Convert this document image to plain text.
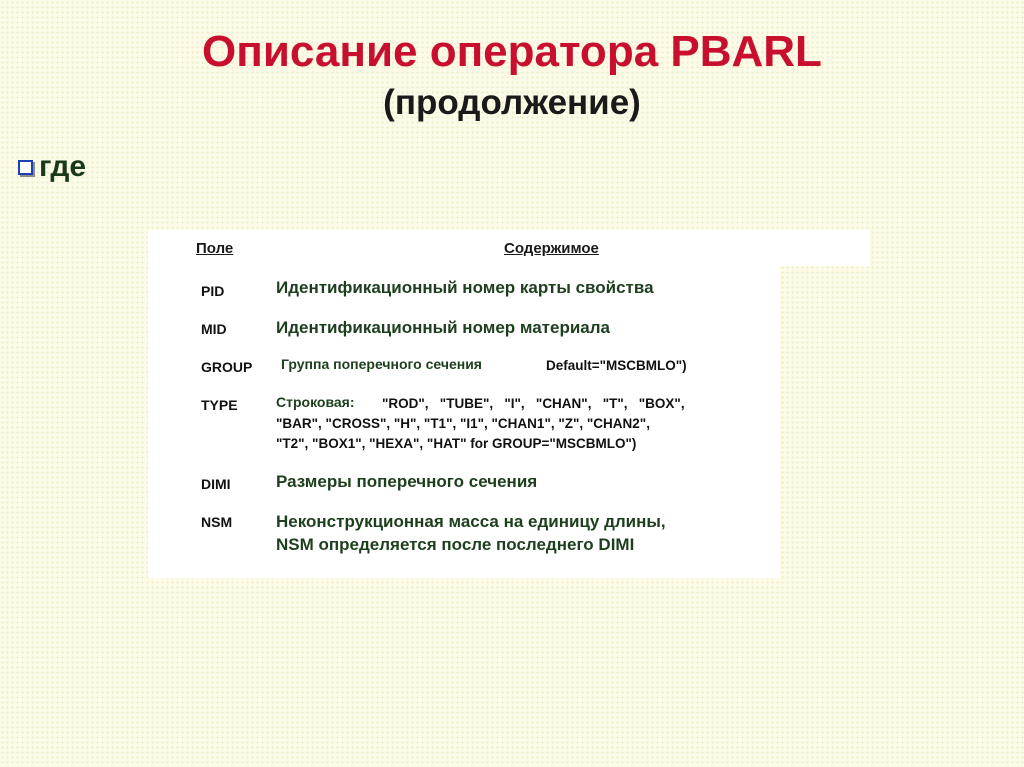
Описание оператора PBARL
(продолжение)
где
Поле	Содержимое
PID	Идентификационный номер карты свойства
MID	Идентификационный номер материала
GROUP Группа поперечного сечения	Default="MSCBMLO")
TYPE	Строковая: "ROD",   "TUBE",   "I",   "CHAN",   "T",   "BOX",
"BAR", "CROSS", "H", "T1", "I1", "CHAN1", "Z", "CHAN2",
"T2", "BOX1", "HEXA", "HAT" for GROUP="MSCBMLO")
DIMI	Размеры поперечного сечения
NSM	Неконструкционная масса на единицу длины,
NSM определяется после последнего DIMI
